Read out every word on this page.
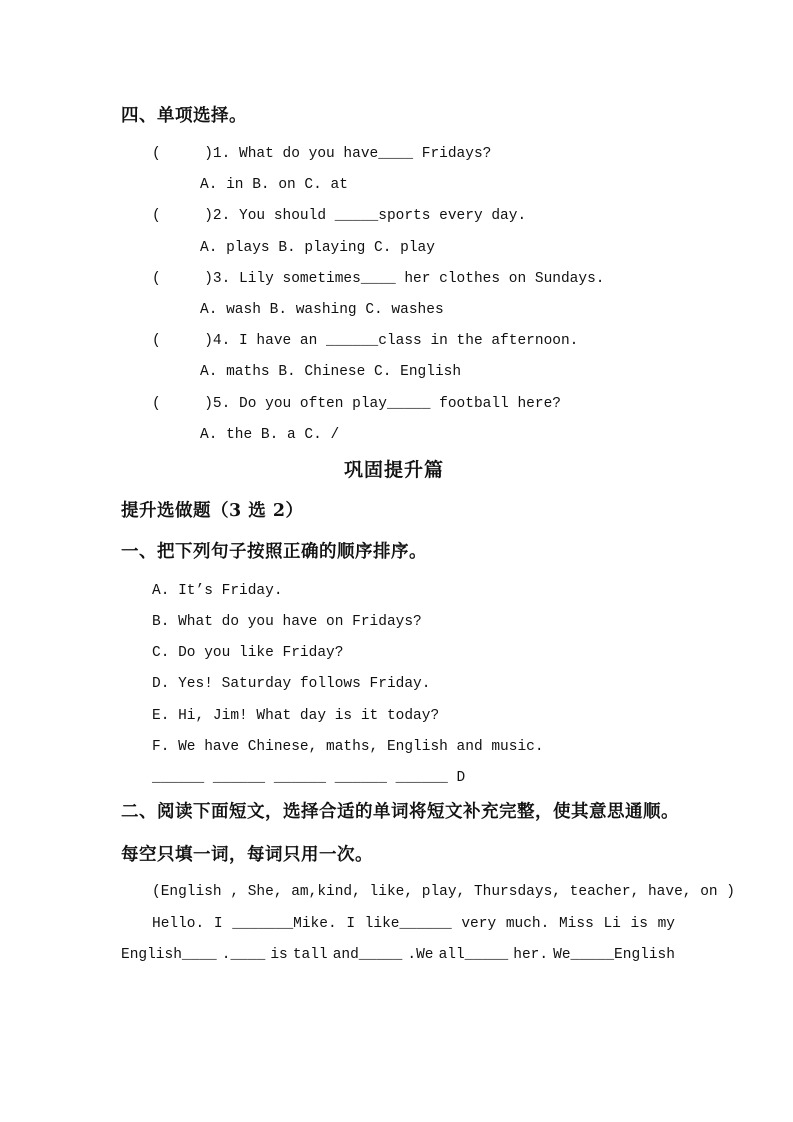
四、单项选择。
(     )1. What do you have____ Fridays?
A. in B. on C. at
(     )2. You should _____sports every day.
A. plays B. playing C. play
(     )3. Lily sometimes____ her clothes on Sundays.
A. wash B. washing C. washes
(     )4. I have an ______class in the afternoon.
A. maths B. Chinese C. English
(     )5. Do you often play_____ football here?
A. the B. a C. /
巩固提升篇
提升选做题（3 选 2）
一、把下列句子按照正确的顺序排序。
A. It’s Friday.
B. What do you have on Fridays?
C. Do you like Friday?
D. Yes! Saturday follows Friday.
E. Hi, Jim! What day is it today?
F. We have Chinese, maths, English and music.
______ ______ ______ ______ ______ D
二、阅读下面短文，选择合适的单词将短文补充完整，使其意思通顺。
每空只填一词，每词只用一次。
(English , She, am,kind, like, play, Thursdays, teacher, have, on )
Hello. I _______Mike. I like______ very much. Miss Li is my
English____ .____ is tall and_____ .We all_____ her. We_____English
